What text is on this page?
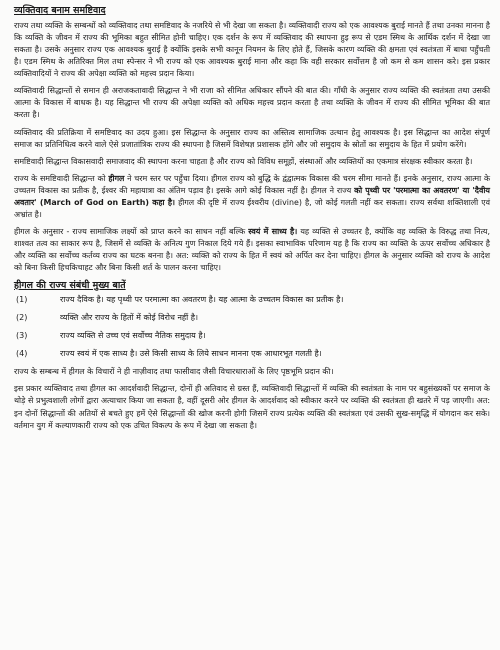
व्यक्तिवाद बनाम समष्टिवाद

राज्य तथा व्यक्ति के सम्बन्धों को व्यक्तिवाद तथा समष्टिवाद के नजरिये से भी देखा जा सकता है। व्यक्तिवादी राज्य को एक आवश्यक बुराई मानते हैं तथा उनका मानना है कि व्यक्ति के जीवन में राज्य की भूमिका बहुत सीमित होनी चाहिए। एक दर्शन के रूप में व्यक्तिवाद की स्थापना हुइ रूप से एडम स्मिथ के आर्थिक दर्शन में देखा जा सकता है। उसके अनुसार राज्य एक आवश्यक बुराई है क्योंकि इसके सभी कानून नियमन के लिए होते हैं, जिसके कारण व्यक्ति की क्षमता एवं स्वतंत्रता में बाधा पहुँचती है। एडम स्मिथ के अतिरिक्त मिल तथा स्पेन्सर ने भी राज्य को एक आवश्यक बुराई माना और कहा कि वही सरकार सर्वोत्तम है जो कम से कम शासन करे। इस प्रकार व्यक्तिवादियों ने राज्य की अपेक्षा व्यक्ति को महत्त्व प्रदान किया।

व्यक्तिवादी सिद्धान्तों से समान ही अराजकतावादी सिद्धान्त ने भी राजा को सीमित अधिकार सौंपने की बात की। गाँधी के अनुसार राज्य व्यक्ति की स्वतंत्रता तथा उसकी आत्मा के विकास में बाधक है। यह सिद्धान्त भी राज्य की अपेक्षा व्यक्ति को अधिक महत्त्व प्रदान करता है तथा व्यक्ति के जीवन में राज्य की सीमित भूमिका की बात करता है।

व्यक्तिवाद की प्रतिक्रिया में समष्टिवाद का उदय हुआ। इस सिद्धान्त के अनुसार राज्य का अस्तित्व सामाजिक उत्थान हेतु आवश्यक है। इस सिद्धान्त का आदेश संपूर्ण समाज का प्रतिनिधित्व करने वाले ऐसे प्रजातांत्रिक राज्य की स्थापना है जिसमें विशेषज्ञ प्रशासक होंगे और जो समुदाय के स्रोतों का समुदाय के हित में प्रयोग करेंगे।

समष्टिवादी सिद्धान्त विकासवादी समाजवाद की स्थापना करना चाहता है और राज्य को विविध समूहों, संस्थाओं और व्यक्तियों का एकमात्र संरक्षक स्वीकार करता है।

राज्य के समष्टिवादी सिद्धान्त को हीगल ने चरम स्तर पर पहुँचा दिया। हीगल राज्य को बुद्धि के द्वंद्वात्मक विकास की चरम सीमा मानते हैं। इनके अनुसार, राज्य आत्मा के उच्चतम विकास का प्रतीक है, ईश्वर की महायात्रा का अंतिम पड़ाव है। इसके आगे कोई विकास नहीं है। हीगल ने राज्य को पृथ्वी पर 'परमात्मा का अवतरण' या 'दैवीय अवतार' (March of God on Earth) कहा है। हीगल की दृष्टि में राज्य ईश्वरीय (divine) है, जो कोई गलती नहीं कर सकता। राज्य सर्वथा शक्तिशाली एवं अभ्रांत है।

हीगल के अनुसार - राज्य सामाजिक लक्ष्यों को प्राप्त करने का साधन नहीं बल्कि स्वयं में साध्य है। यह व्यक्ति से उच्चतर है, क्योंकि वह व्यक्ति के विरुद्ध तथा नित्य, शाश्वत तत्व का साकार रूप है, जिसमें से व्यक्ति के अनित्य गुण निकाल दिये गये हैं। इसका स्वाभाविक परिणाम यह है कि राज्य का व्यक्ति के ऊपर सर्वोच्च अधिकार है और व्यक्ति का सर्वोच्च कर्तव्य राज्य का घटक बनना है। अत: व्यक्ति को राज्य के हित में स्वयं को अर्पित कर देना चाहिए। हीगल के अनुसार व्यक्ति को राज्य के आदेश को बिना किसी हिचकिचाहट और बिना किसी शर्त के पालन करना चाहिए।

हीगल की राज्य संबंधी मुख्य बातें
(1)	राज्य दैविक है। यह पृथ्वी पर परमात्मा का अवतरण है। यह आत्मा के उच्चतम विकास का प्रतीक है।
(2)	व्यक्ति और राज्य के हितों में कोई विरोध नहीं है।
(3)	राज्य व्यक्ति से उच्च एवं सर्वोच्च नैतिक समुदाय है।
(4)	राज्य स्वयं में एक साध्य है। उसे किसी साध्य के लिये साधन मानना एक आधारभूत गलती है।

राज्य के सम्बन्ध में हीगल के विचारों ने ही नाज़ीवाद तथा फासीवाद जैसी विचारधाराओं के लिए पृष्ठभूमि प्रदान की।

इस प्रकार व्यक्तिवाद तथा हीगल का आदर्शवादी सिद्धान्त, दोनों ही अतिवाद से ग्रस्त हैं, व्यक्तिवादी सिद्धान्तों में व्यक्ति की स्वतंत्रता के नाम पर बहुसंख्यकों पर समाज के थोड़े से प्रभुत्वशाली लोगों द्वारा अत्याचार किया जा सकता है, वहीं दूसरी ओर हीगल के आदर्शवाद को स्वीकार करने पर व्यक्ति की स्वतंत्रता ही खतरे में पड़ जाएगी। अत: इन दोनों सिद्धान्तों की अतियों से बचते हुए हमें ऐसे सिद्धान्तों की खोज करनी होगी जिसमें राज्य प्रत्येक व्यक्ति की स्वतंत्रता एवं उसकी सुख-समृद्धि में योगदान कर सके। वर्तमान युग में कल्याणकारी राज्य को एक उचित विकल्प के रूप में देखा जा सकता है।
